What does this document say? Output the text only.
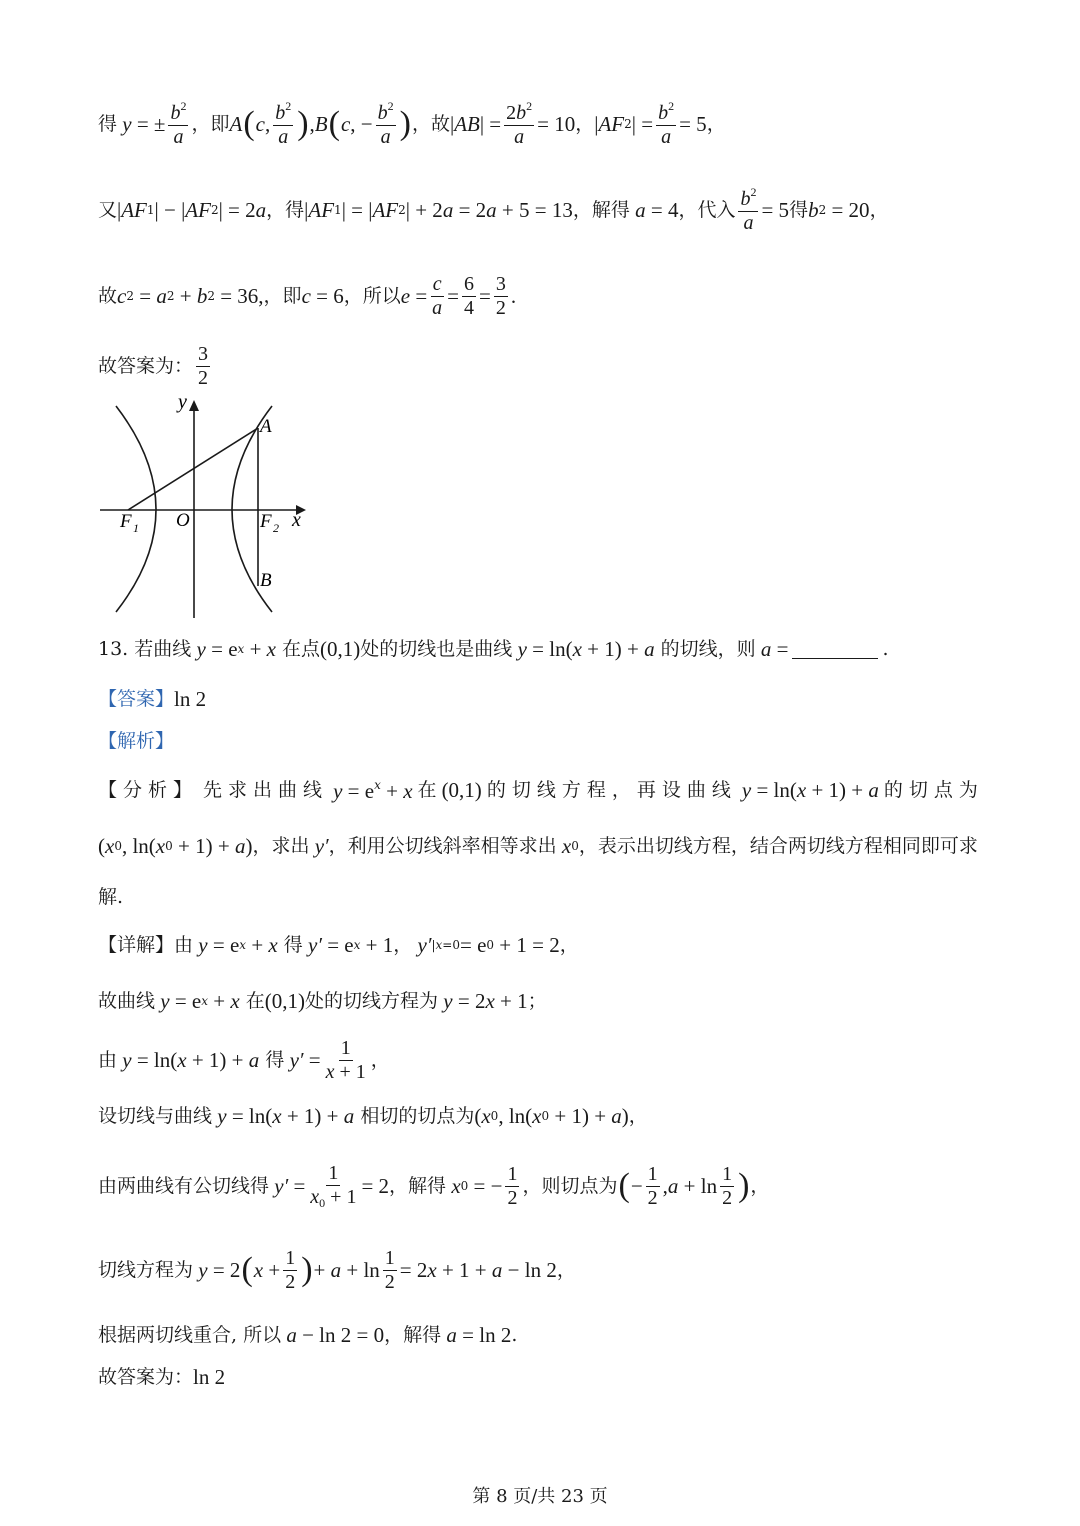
得 y = ± $\frac{b^2}{a}$ ，即 A ( c , $\frac{b^2}{a}$ ) , B ( c , − $\frac{b^2}{a}$ ) ，故 | AB | = $\frac{2b^2}{a} = 10$ ， | AF 2 | = $\frac{b^2}{a} = 5$ ，
又 | AF 1 | − | AF 2 | = 2 a ，得 | AF 1 | = | AF 2 | + 2 a = 2 a + 5 = 13 ，解得 a = 4 ，代入 $\frac{b^2}{a} = 5$ 得 b 2 = 20 ，
故 c 2 = a 2 + b 2 = 36, ，即 c = 6 ，所以 $e = \frac{c}{a} = \frac{6}{4} = \frac{3}{2}$ .
故答案为： $\frac{3}{2}$
y
x
A
B
O
F 1	F 2
13.
若曲线 y = e x + x
在点 (0,1) 处的切线也是曲线 y = ln( x + 1) + a
的切线，则 a =	.
【答案】 ln 2
【解析】
【分析】 先求出曲线 $y = e^x + x$ 在 (0,1) 的切线方程，再设曲线 y = ln(x + 1) + a 的切点为
( x 0 , ln( x 0 + 1) + a ) ，求出 y′ ，利用公切线斜率相等求出 x 0 ，表示出切线方程，结合两切线方程相同即可求
解.
【详解】 由 y = e x + x
得 y′ = e x + 1 ， y′ |x=0 = e 0 + 1 = 2 ，
故曲线 y = e x + x
在 (0,1) 处的切线方程为 y = 2 x + 1 ；
由 y = ln( x + 1) + a
得 $y' = \frac{1}{x + 1}$ ，
设切线与曲线 y = ln( x + 1) + a
相切的切点为 ( x 0 , ln( x 0 + 1) + a ) ，
由两曲线有公切线得 $y' = \frac{1}{x_0 + 1} = 2$ ，解得 x 0 = − $\frac{1}{2}$ ，则切点为 ( − $\frac{1}{2}$ , $a + \ln \frac{1}{2}$ ) ，
切线方程为 y = 2 ( $x + \frac{1}{2}$ ) + $a + \ln \frac{1}{2} = 2$ x + 1 + a − ln 2 ，
根据两切线重合, 所以 a − ln 2 = 0 ，解得 a = ln 2 .
故答案为： ln 2
第 8 页/共 23 页
